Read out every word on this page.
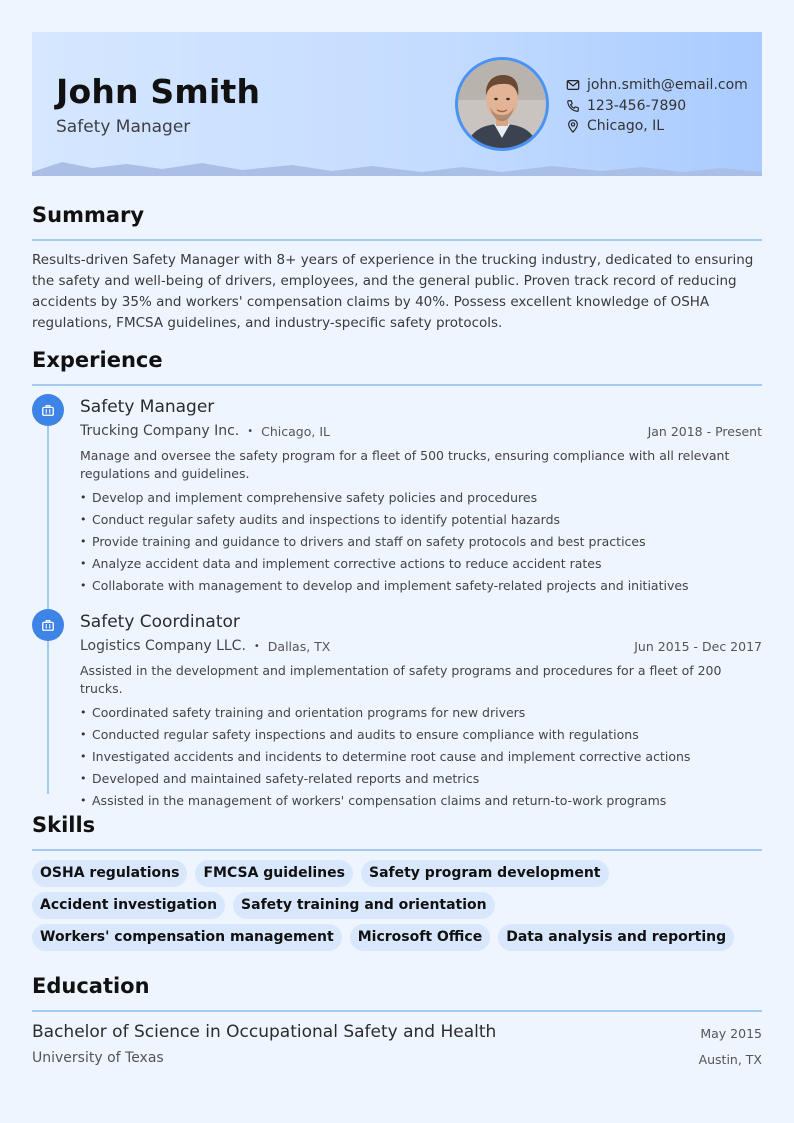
John Smith
Safety Manager
john.smith@email.com
123-456-7890
Chicago, IL
Summary
Results-driven Safety Manager with 8+ years of experience in the trucking industry, dedicated to ensuring the safety and well-being of drivers, employees, and the general public. Proven track record of reducing accidents by 35% and workers' compensation claims by 40%. Possess excellent knowledge of OSHA regulations, FMCSA guidelines, and industry-specific safety protocols.
Experience
Safety Manager
Trucking Company Inc. • Chicago, IL	Jan 2018 - Present
Manage and oversee the safety program for a fleet of 500 trucks, ensuring compliance with all relevant regulations and guidelines.
• Develop and implement comprehensive safety policies and procedures
• Conduct regular safety audits and inspections to identify potential hazards
• Provide training and guidance to drivers and staff on safety protocols and best practices
• Analyze accident data and implement corrective actions to reduce accident rates
• Collaborate with management to develop and implement safety-related projects and initiatives
Safety Coordinator
Logistics Company LLC. • Dallas, TX	Jun 2015 - Dec 2017
Assisted in the development and implementation of safety programs and procedures for a fleet of 200 trucks.
• Coordinated safety training and orientation programs for new drivers
• Conducted regular safety inspections and audits to ensure compliance with regulations
• Investigated accidents and incidents to determine root cause and implement corrective actions
• Developed and maintained safety-related reports and metrics
• Assisted in the management of workers' compensation claims and return-to-work programs
Skills
OSHA regulations	FMCSA guidelines	Safety program development
Accident investigation	Safety training and orientation
Workers' compensation management	Microsoft Office	Data analysis and reporting
Education
Bachelor of Science in Occupational Safety and Health	May 2015
University of Texas	Austin, TX
